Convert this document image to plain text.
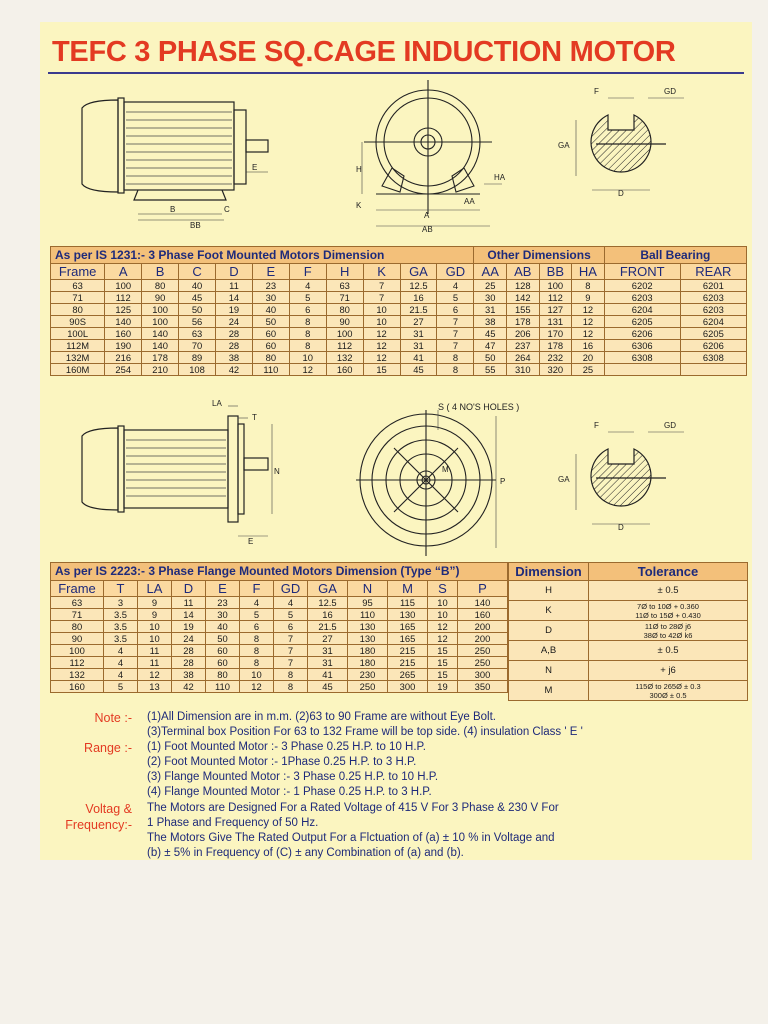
TEFC 3 PHASE SQ.CAGE INDUCTION MOTOR
E
B	C
BB
H
K
A
AB
AA
HA
F	GD
GA
D
As per IS 1231:- 3 Phase Foot Mounted Motors Dimension											Other Dimensions				Ball Bearing	
Frame	A	B	C	D	E	F	H	K	GA	GD	AA	AB	BB	HA	FRONT	REAR
63	100	80	40	11	23	4	63	7	12.5	4	25	128	100	8	6202	6201
71	112	90	45	14	30	5	71	7	16	5	30	142	112	9	6203	6203
80	125	100	50	19	40	6	80	10	21.5	6	31	155	127	12	6204	6203
90S	140	100	56	24	50	8	90	10	27	7	38	178	131	12	6205	6204
100L	160	140	63	28	60	8	100	12	31	7	45	206	170	12	6206	6205
112M	190	140	70	28	60	8	112	12	31	7	47	237	178	16	6306	6206
132M	216	178	89	38	80	10	132	12	41	8	50	264	232	20	6308	6308
160M	254	210	108	42	110	12	160	15	45	8	55	310	320	25		
LA
T
N
E
S ( 4 NO'S HOLES )
M
P
F	GD
GA
D
As per IS 2223:- 3 Phase Flange Mounted Motors Dimension (Type “B”)											
Frame	T	LA	D	E	F	GD	GA	N	M	S	P
63	3	9	11	23	4	4	12.5	95	115	10	140
71	3.5	9	14	30	5	5	16	110	130	10	160
80	3.5	10	19	40	6	6	21.5	130	165	12	200
90	3.5	10	24	50	8	7	27	130	165	12	200
100	4	11	28	60	8	7	31	180	215	15	250
112	4	11	28	60	8	7	31	180	215	15	250
132	4	12	38	80	10	8	41	230	265	15	300
160	5	13	42	110	12	8	45	250	300	19	350
Dimension	Tolerance
H	± 0.5

K	7Ø to 10Ø + 0.360
11Ø to 15Ø + 0.430

D	11Ø to 28Ø j6
38Ø to 42Ø k6

A,B	± 0.5

N	+ j6

M	115Ø to 265Ø ± 0.3
300Ø ± 0.5
Note :- (1)All Dimension are in m.m. (2)63 to 90 Frame are without Eye Bolt.
(3)Terminal box Position For 63 to 132 Frame will be top side. (4) insulation Class ' E '
Range :- (1) Foot Mounted Motor :- 3 Phase 0.25 H.P. to 10 H.P.
(2) Foot Mounted Motor :- 1Phase 0.25 H.P. to 3 H.P.
(3) Flange Mounted Motor :- 3 Phase 0.25 H.P. to 10 H.P.
(4) Flange Mounted Motor :- 1 Phase 0.25 H.P. to 3 H.P.
Voltag &
Frequency:-
The Motors are Designed For a Rated Voltage of 415 V For 3 Phase & 230 V For
1 Phase and Frequency of 50 Hz.
The Motors Give The Rated Output For a Flctuation of (a) ± 10 % in Voltage and
(b) ± 5% in Frequency of (C) ± any Combination of (a) and (b).
